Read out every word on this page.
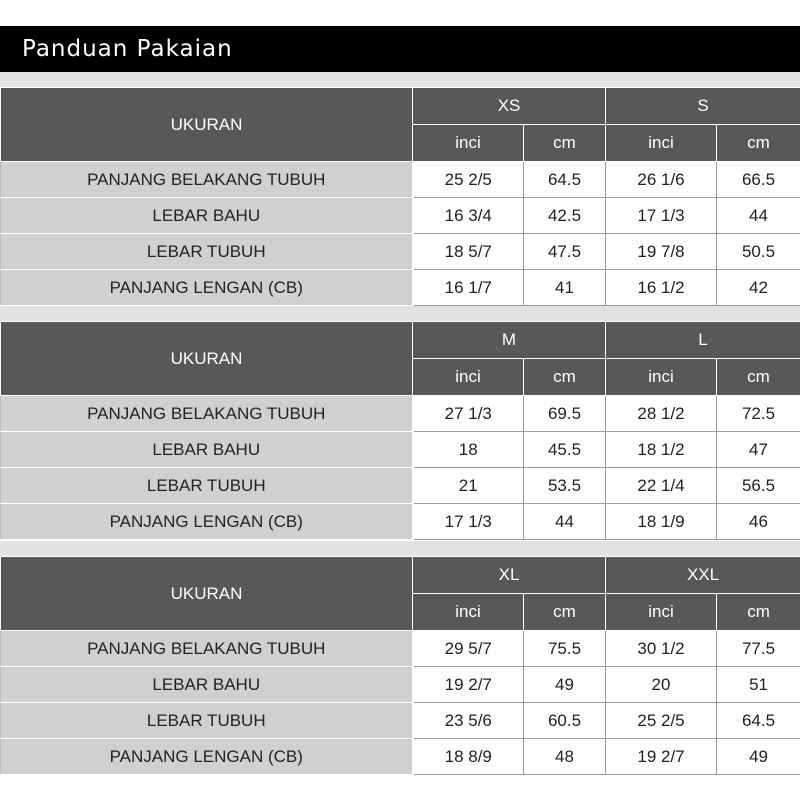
Panduan Pakaian
UKURAN	XS		S	
	inci	cm	inci	cm
PANJANG BELAKANG TUBUH	25 2/5	64.5	26 1/6	66.5
LEBAR BAHU	16 3/4	42.5	17 1/3	44
LEBAR TUBUH	18 5/7	47.5	19 7/8	50.5
PANJANG LENGAN (CB)	16 1/7	41	16 1/2	42
UKURAN	M		L	
	inci	cm	inci	cm
PANJANG BELAKANG TUBUH	27 1/3	69.5	28 1/2	72.5
LEBAR BAHU	18	45.5	18 1/2	47
LEBAR TUBUH	21	53.5	22 1/4	56.5
PANJANG LENGAN (CB)	17 1/3	44	18 1/9	46
UKURAN	XL		XXL	
	inci	cm	inci	cm
PANJANG BELAKANG TUBUH	29 5/7	75.5	30 1/2	77.5
LEBAR BAHU	19 2/7	49	20	51
LEBAR TUBUH	23 5/6	60.5	25 2/5	64.5
PANJANG LENGAN (CB)	18 8/9	48	19 2/7	49
